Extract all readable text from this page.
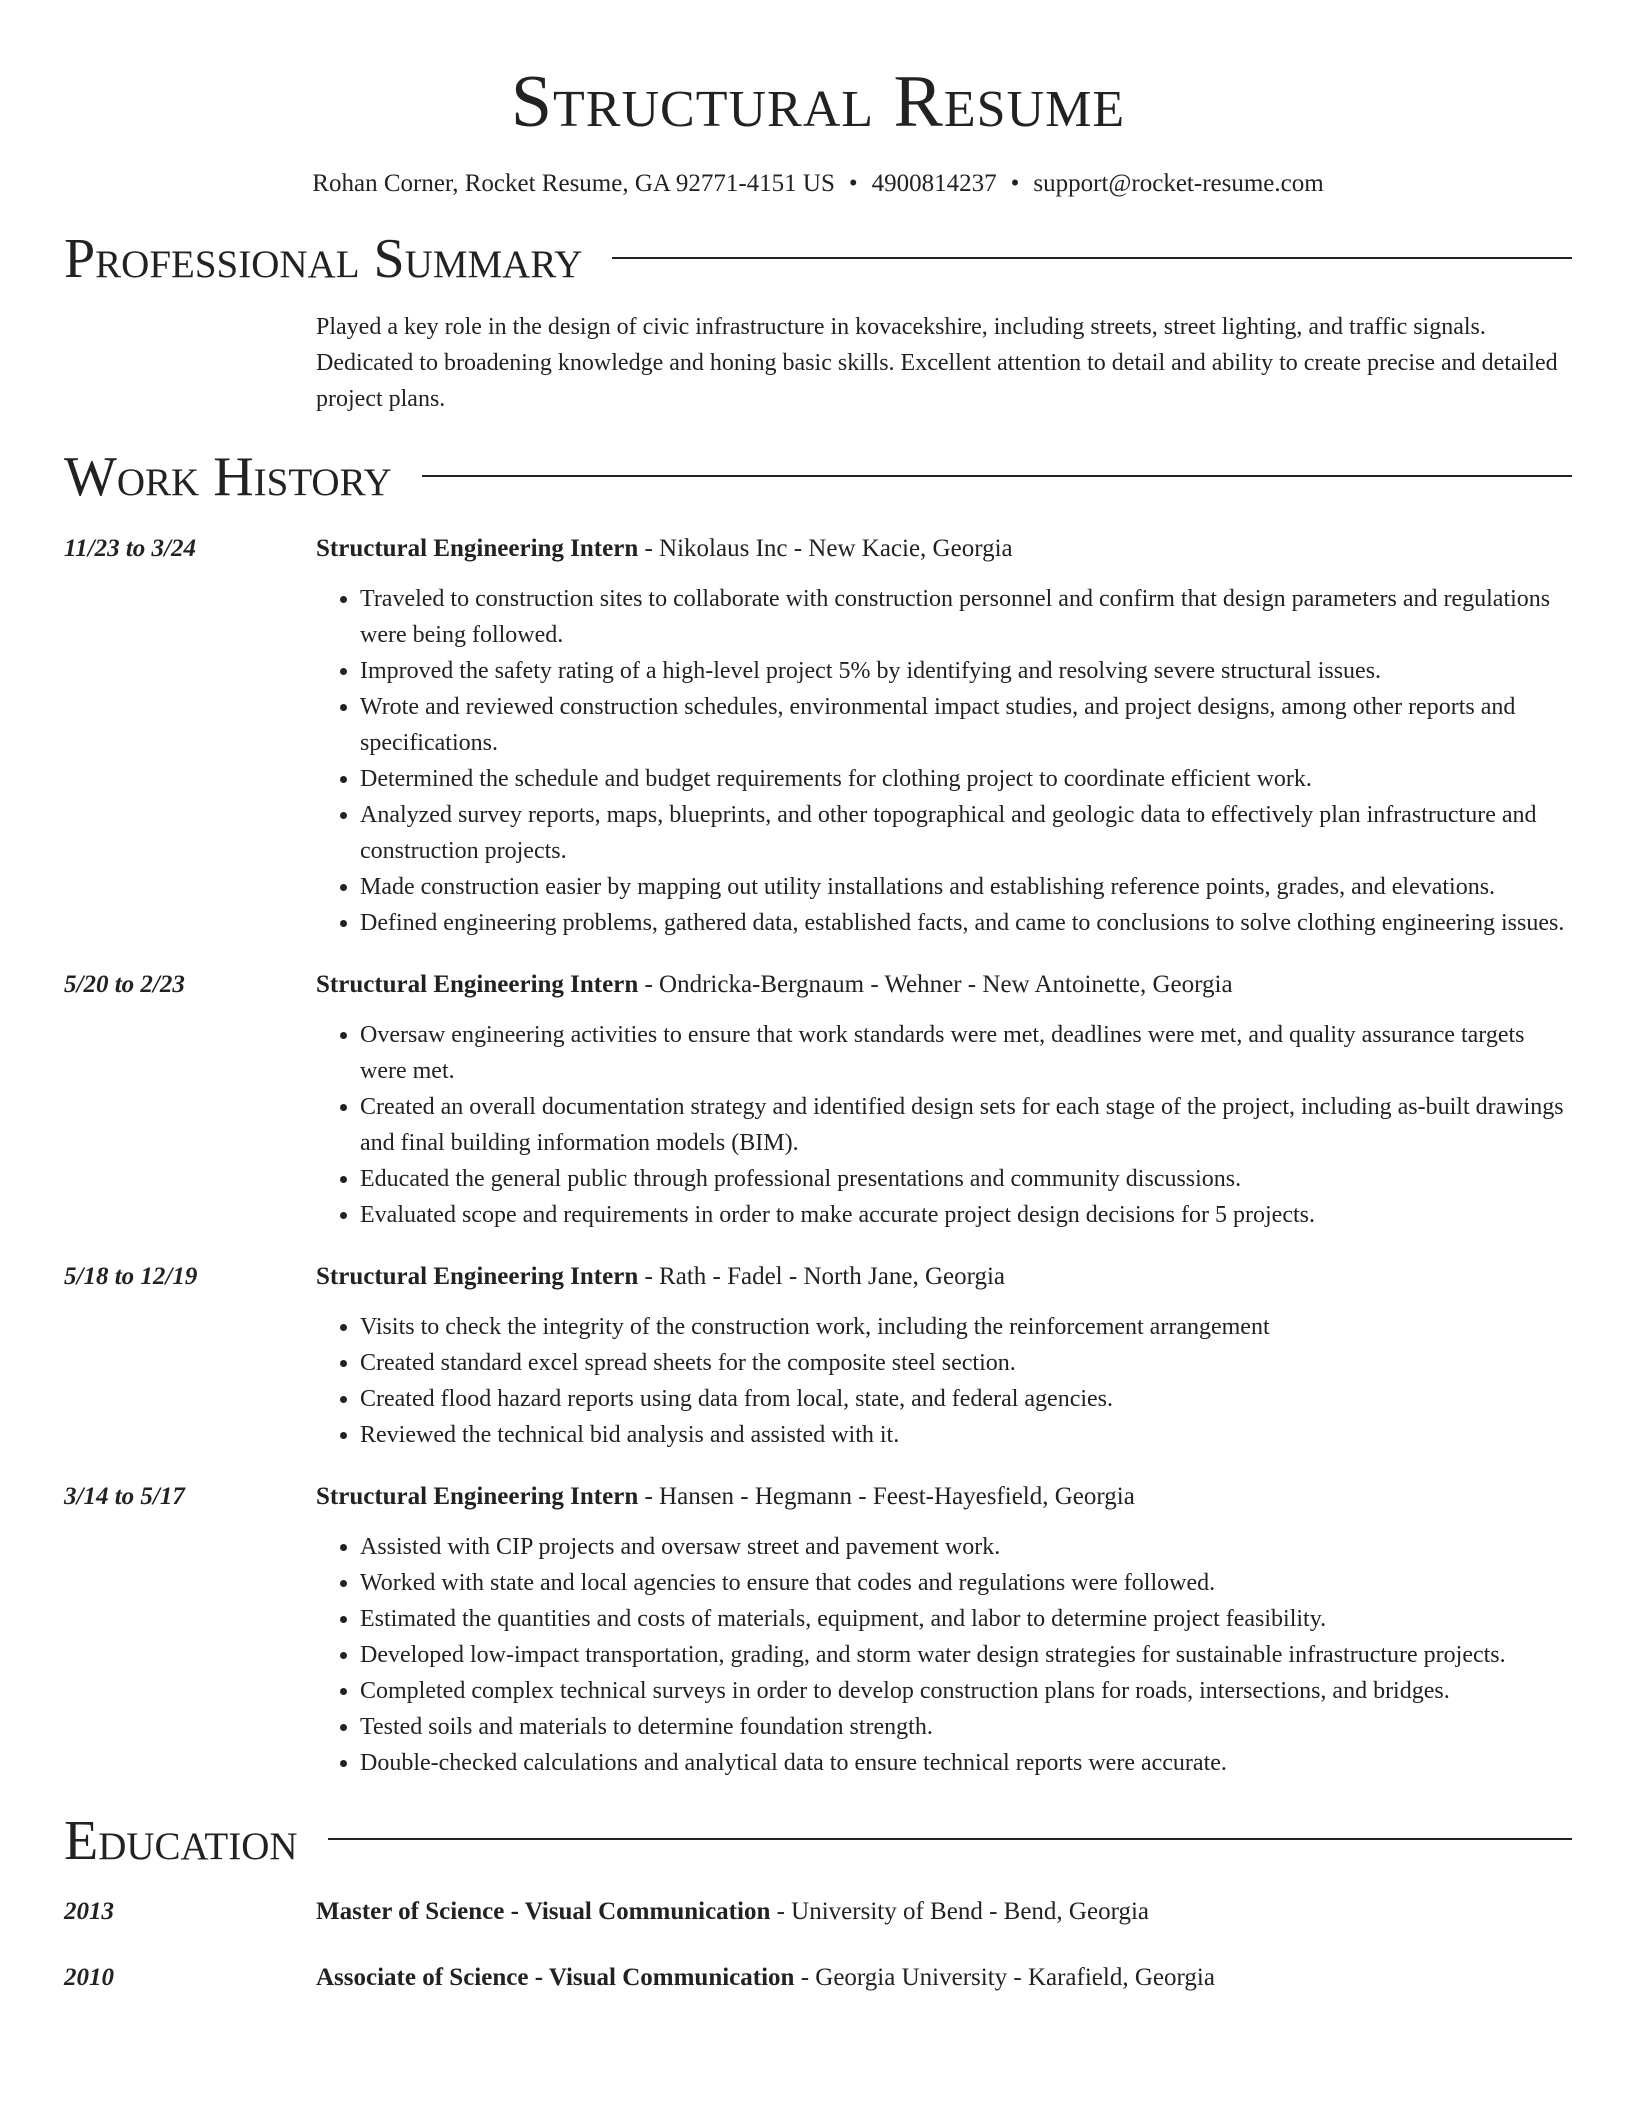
Structural Resume
Rohan Corner, Rocket Resume, GA 92771-4151 US • 4900814237 • support@rocket-resume.com
Professional Summary
Played a key role in the design of civic infrastructure in kovacekshire, including streets, street lighting, and traffic signals. Dedicated to broadening knowledge and honing basic skills. Excellent attention to detail and ability to create precise and detailed project plans.
Work History
11/23 to 3/24	Structural Engineering Intern - Nikolaus Inc - New Kacie, Georgia
• Traveled to construction sites to collaborate with construction personnel and confirm that design parameters and regulations were being followed.
• Improved the safety rating of a high-level project 5% by identifying and resolving severe structural issues.
• Wrote and reviewed construction schedules, environmental impact studies, and project designs, among other reports and specifications.
• Determined the schedule and budget requirements for clothing project to coordinate efficient work.
• Analyzed survey reports, maps, blueprints, and other topographical and geologic data to effectively plan infrastructure and construction projects.
• Made construction easier by mapping out utility installations and establishing reference points, grades, and elevations.
• Defined engineering problems, gathered data, established facts, and came to conclusions to solve clothing engineering issues.
5/20 to 2/23	Structural Engineering Intern - Ondricka-Bergnaum - Wehner - New Antoinette, Georgia
• Oversaw engineering activities to ensure that work standards were met, deadlines were met, and quality assurance targets were met.
• Created an overall documentation strategy and identified design sets for each stage of the project, including as-built drawings and final building information models (BIM).
• Educated the general public through professional presentations and community discussions.
• Evaluated scope and requirements in order to make accurate project design decisions for 5 projects.
5/18 to 12/19	Structural Engineering Intern - Rath - Fadel - North Jane, Georgia
• Visits to check the integrity of the construction work, including the reinforcement arrangement
• Created standard excel spread sheets for the composite steel section.
• Created flood hazard reports using data from local, state, and federal agencies.
• Reviewed the technical bid analysis and assisted with it.
3/14 to 5/17	Structural Engineering Intern - Hansen - Hegmann - Feest-Hayesfield, Georgia
• Assisted with CIP projects and oversaw street and pavement work.
• Worked with state and local agencies to ensure that codes and regulations were followed.
• Estimated the quantities and costs of materials, equipment, and labor to determine project feasibility.
• Developed low-impact transportation, grading, and storm water design strategies for sustainable infrastructure projects.
• Completed complex technical surveys in order to develop construction plans for roads, intersections, and bridges.
• Tested soils and materials to determine foundation strength.
• Double-checked calculations and analytical data to ensure technical reports were accurate.
Education
2013	Master of Science - Visual Communication - University of Bend - Bend, Georgia
2010	Associate of Science - Visual Communication - Georgia University - Karafield, Georgia
